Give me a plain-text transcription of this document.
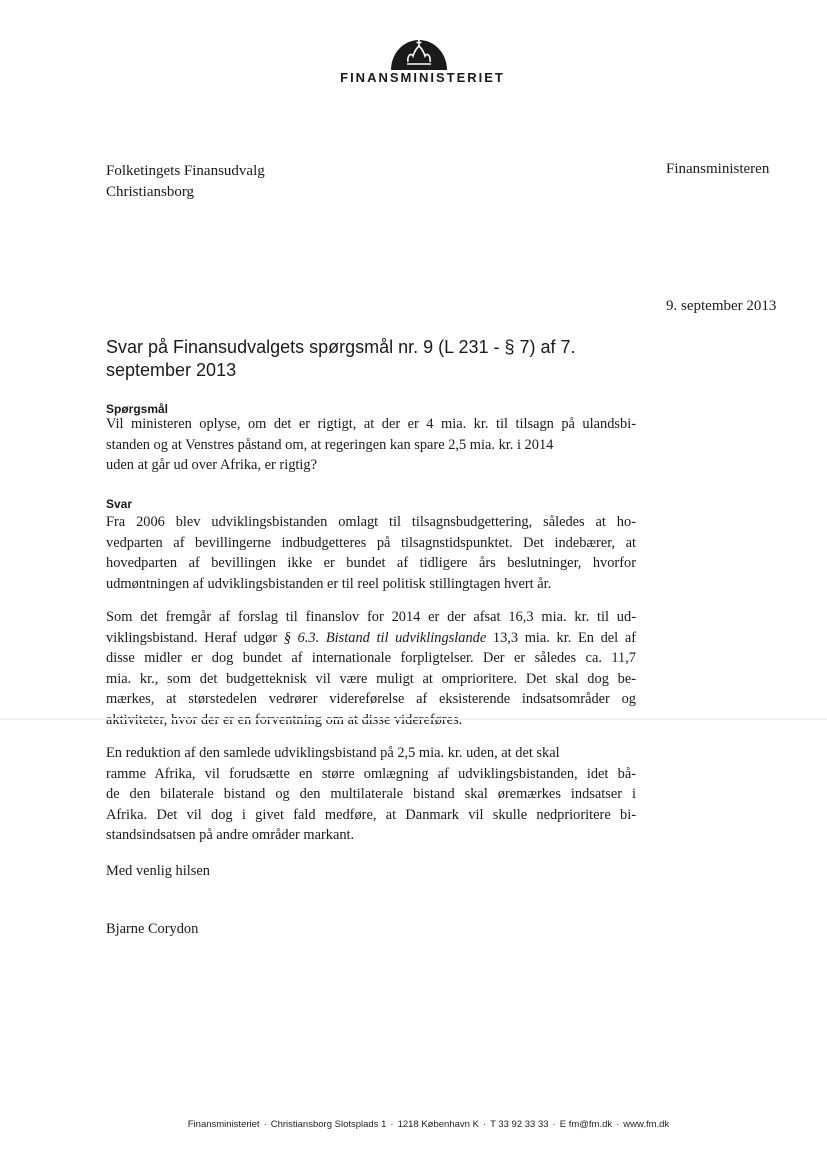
FINANSMINISTERIET
Folketingets Finansudvalg
Christiansborg
Finansministeren
9. september 2013
Svar på Finansudvalgets spørgsmål nr. 9 (L 231 - § 7) af 7. september 2013
Spørgsmål
Vil ministeren oplyse, om det er rigtigt, at der er 4 mia. kr. til tilsagn på ulandsbi-
standen og at Venstres påstand om, at regeringen kan spare 2,5 mia. kr. i 2014
uden at går ud over Afrika, er rigtig?
Svar
Fra 2006 blev udviklingsbistanden omlagt til tilsagnsbudgettering, således at ho-
vedparten af bevillingerne indbudgetteres på tilsagnstidspunktet. Det indebærer, at
hovedparten af bevillingen ikke er bundet af tidligere års beslutninger, hvorfor
udmøntningen af udviklingsbistanden er til reel politisk stillingtagen hvert år.
Som det fremgår af forslag til finanslov for 2014 er der afsat 16,3 mia. kr. til ud-
viklingsbistand. Heraf udgør § 6.3. Bistand til udviklingslande 13,3 mia. kr. En del af
disse midler er dog bundet af internationale forpligtelser. Der er således ca. 11,7
mia. kr., som det budgetteknisk vil være muligt at omprioritere. Det skal dog be-
mærkes, at størstedelen vedrører videreførelse af eksisterende indsatsområder og
En reduktion af den samlede udviklingsbistand på 2,5 mia. kr. uden, at det skal
ramme Afrika, vil forudsætte en større omlægning af udviklingsbistanden, idet bå-
de den bilaterale bistand og den multilaterale bistand skal øremærkes indsatser i
Afrika. Det vil dog i givet fald medføre, at Danmark vil skulle nedprioritere bi-
standsindsatsen på andre områder markant.
Med venlig hilsen
Bjarne Corydon
Finansministeriet · Christiansborg Slotsplads 1 · 1218 København K · T 33 92 33 33 · E fm@fm.dk · www.fm.dk
